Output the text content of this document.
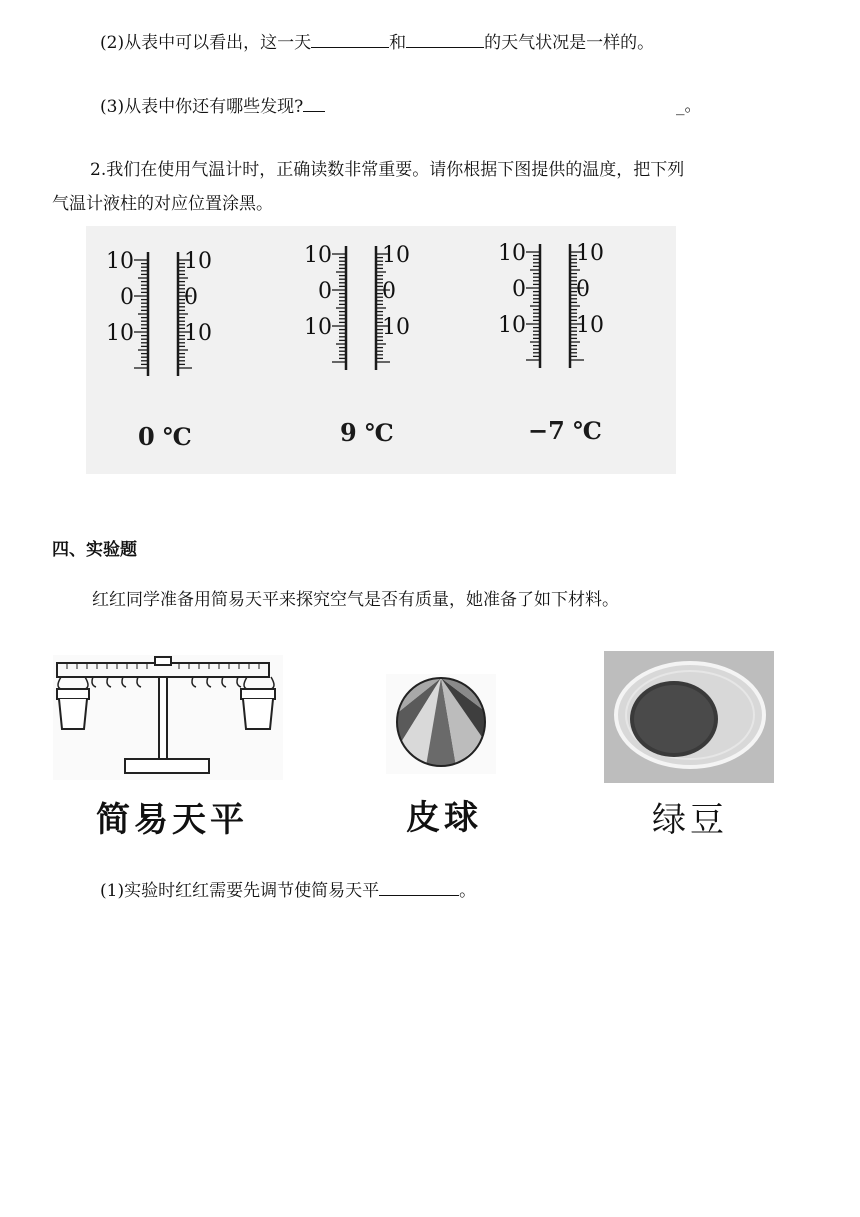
(2)从表中可以看出，这一天	和	的天气状况是一样的。
(3)从表中你还有哪些发现?	_。
2.我们在使用气温计时，正确读数非常重要。请你根据下图提供的温度，把下列
气温计液柱的对应位置涂黑。
10 10
0 0
10 10
10 10
0 0
10 10
10 10
0 0
10 10
0 ℃	9 ℃	−7 ℃
四、实验题
红红同学准备用简易天平来探究空气是否有质量，她准备了如下材料。
简易天平	皮球	绿豆
(1)实验时红红需要先调节使简易天平	。
